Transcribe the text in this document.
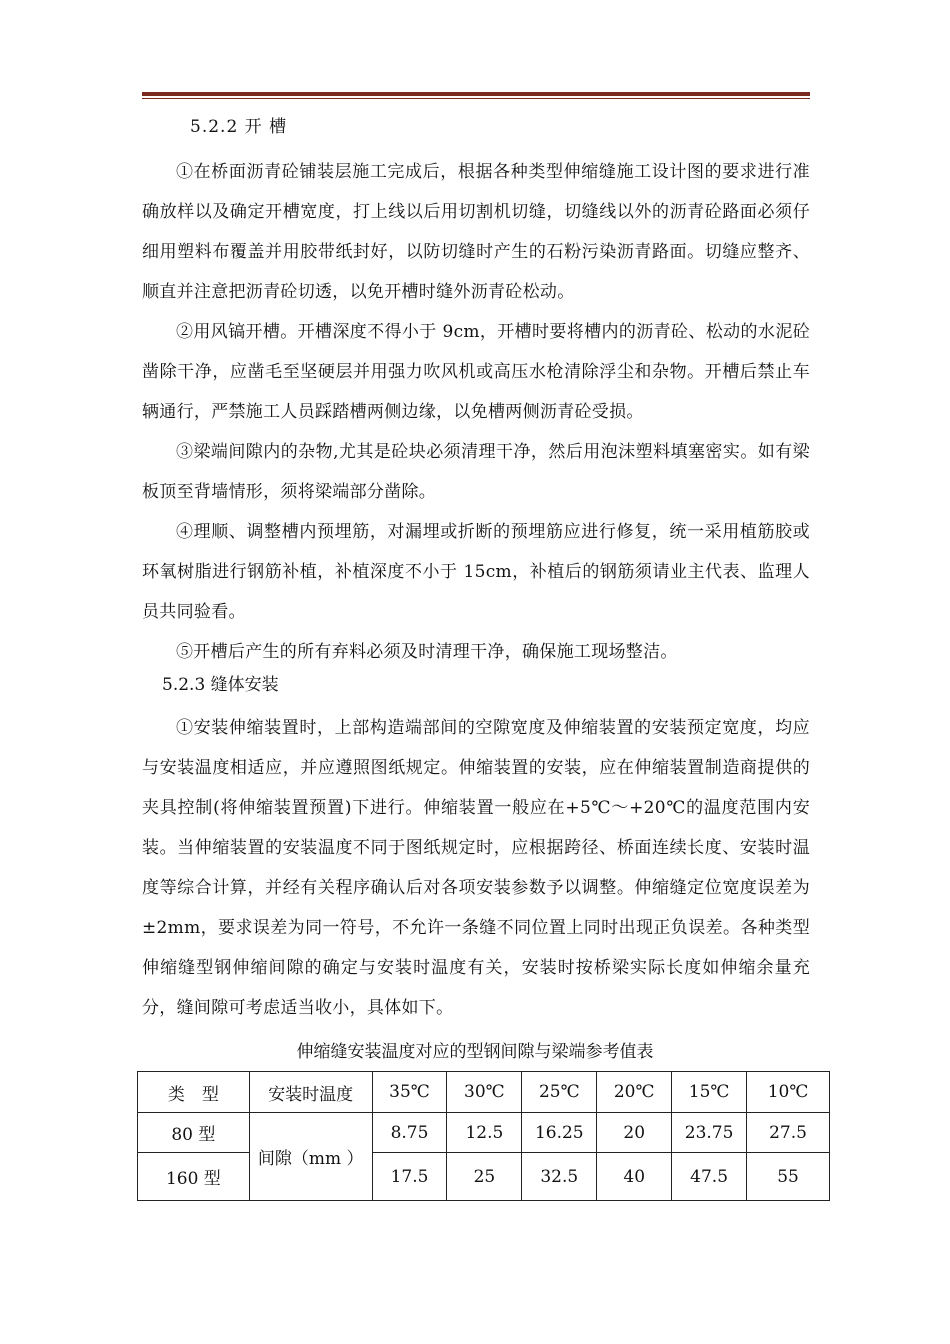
5.2.2 开 槽

①在桥面沥青砼铺装层施工完成后，根据各种类型伸缩缝施工设计图的要求进行准确放样以及确定开槽宽度，打上线以后用切割机切缝，切缝线以外的沥青砼路面必须仔细用塑料布覆盖并用胶带纸封好，以防切缝时产生的石粉污染沥青路面。切缝应整齐、顺直并注意把沥青砼切透，以免开槽时缝外沥青砼松动。

②用风镐开槽。开槽深度不得小于 9cm，开槽时要将槽内的沥青砼、松动的水泥砼凿除干净，应凿毛至坚硬层并用强力吹风机或高压水枪清除浮尘和杂物。开槽后禁止车辆通行，严禁施工人员踩踏槽两侧边缘，以免槽两侧沥青砼受损。

③梁端间隙内的杂物,尤其是砼块必须清理干净，然后用泡沫塑料填塞密实。如有梁板顶至背墙情形，须将梁端部分凿除。

④理顺、调整槽内预埋筋，对漏埋或折断的预埋筋应进行修复，统一采用植筋胶或环氧树脂进行钢筋补植，补植深度不小于 15cm，补植后的钢筋须请业主代表、监理人员共同验看。

⑤开槽后产生的所有弃料必须及时清理干净，确保施工现场整洁。

5.2.3 缝体安装

①安装伸缩装置时，上部构造端部间的空隙宽度及伸缩装置的安装预定宽度，均应与安装温度相适应，并应遵照图纸规定。伸缩装置的安装，应在伸缩装置制造商提供的夹具控制(将伸缩装置预置)下进行。伸缩装置一般应在+5℃～+20℃的温度范围内安装。当伸缩装置的安装温度不同于图纸规定时，应根据跨径、桥面连续长度、安装时温度等综合计算，并经有关程序确认后对各项安装参数予以调整。伸缩缝定位宽度误差为±2mm，要求误差为同一符号，不允许一条缝不同位置上同时出现正负误差。各种类型伸缩缝型钢伸缩间隙的确定与安装时温度有关，安装时按桥梁实际长度如伸缩余量充分，缝间隙可考虑适当收小，具体如下。

伸缩缝安装温度对应的型钢间隙与梁端参考值表
类　型	安装时温度	35℃	30℃	25℃	20℃	15℃	10℃
80 型	间隙（mm ）	8.75	12.5	16.25	20	23.75	27.5
160 型		17.5	25	32.5	40	47.5	55
